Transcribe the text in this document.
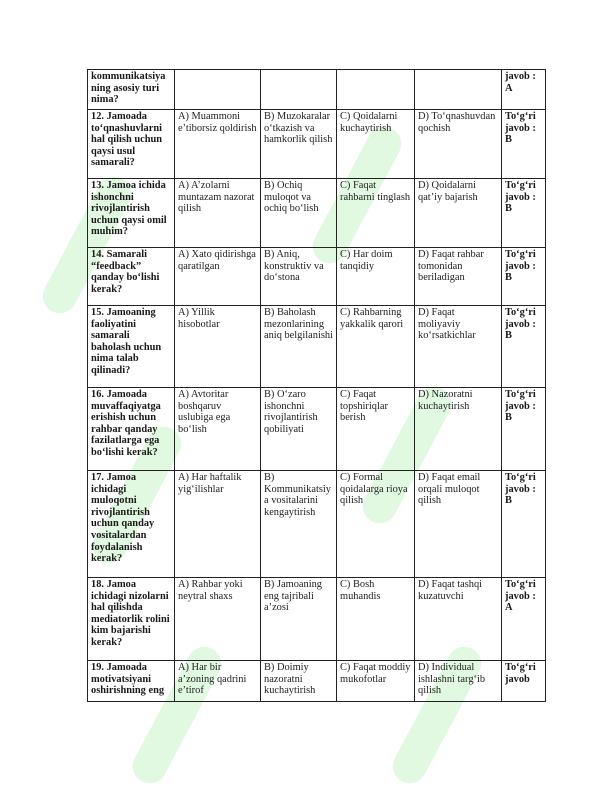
kommunikatsiya ning asosiy turi nima?					javob : A
12. Jamoada to‘qnashuvlarni hal qilish uchun qaysi usul samarali?	A) Muammoni e’tiborsiz qoldirish	B) Muzokaralar o‘tkazish va hamkorlik qilish	C) Qoidalarni kuchaytirish	D) To‘qnashuvdan qochish	To‘g‘ri javob : B
13. Jamoa ichida ishonchni rivojlantirish uchun qaysi omil muhim?	A) A’zolarni muntazam nazorat qilish	B) Ochiq muloqot va ochiq bo‘lish	C) Faqat rahbarni tinglash	D) Qoidalarni qat’iy bajarish	To‘g‘ri javob : B
14. Samarali “feedback” qanday bo‘lishi kerak?	A) Xato qidirishga qaratilgan	B) Aniq, konstruktiv va do‘stona	C) Har doim tanqidiy	D) Faqat rahbar tomonidan beriladigan	To‘g‘ri javob : B
15. Jamoaning faoliyatini samarali baholash uchun nima talab qilinadi?	A) Yillik hisobotlar	B) Baholash mezonlarining aniq belgilanishi	C) Rahbarning yakkalik qarori	D) Faqat moliyaviy ko‘rsatkichlar	To‘g‘ri javob : B
16. Jamoada muvaffaqiyatga erishish uchun rahbar qanday fazilatlarga ega bo‘lishi kerak?	A) Avtoritar boshqaruv uslubiga ega bo‘lish	B) O‘zaro ishonchni rivojlantirish qobiliyati	C) Faqat topshiriqlar berish	D) Nazoratni kuchaytirish	To‘g‘ri javob : B
17. Jamoa ichidagi muloqotni rivojlantirish uchun qanday vositalardan foydalanish kerak?	A) Har haftalik yig‘ilishlar	B) Kommunikatsiya vositalarini kengaytirish	C) Formal qoidalarga rioya qilish	D) Faqat email orqali muloqot qilish	To‘g‘ri javob : B
18. Jamoa ichidagi nizolarni hal qilishda mediatorlik rolini kim bajarishi kerak?	A) Rahbar yoki neytral shaxs	B) Jamoaning eng tajribali a’zosi	C) Bosh muhandis	D) Faqat tashqi kuzatuvchi	To‘g‘ri javob : A
19. Jamoada motivatsiyani oshirishning eng	A) Har bir a’zoning qadrini e’tirof	B) Doimiy nazoratni kuchaytirish	C) Faqat moddiy mukofotlar	D) Individual ishlashni targ‘ib qilish	To‘g‘ri javob
